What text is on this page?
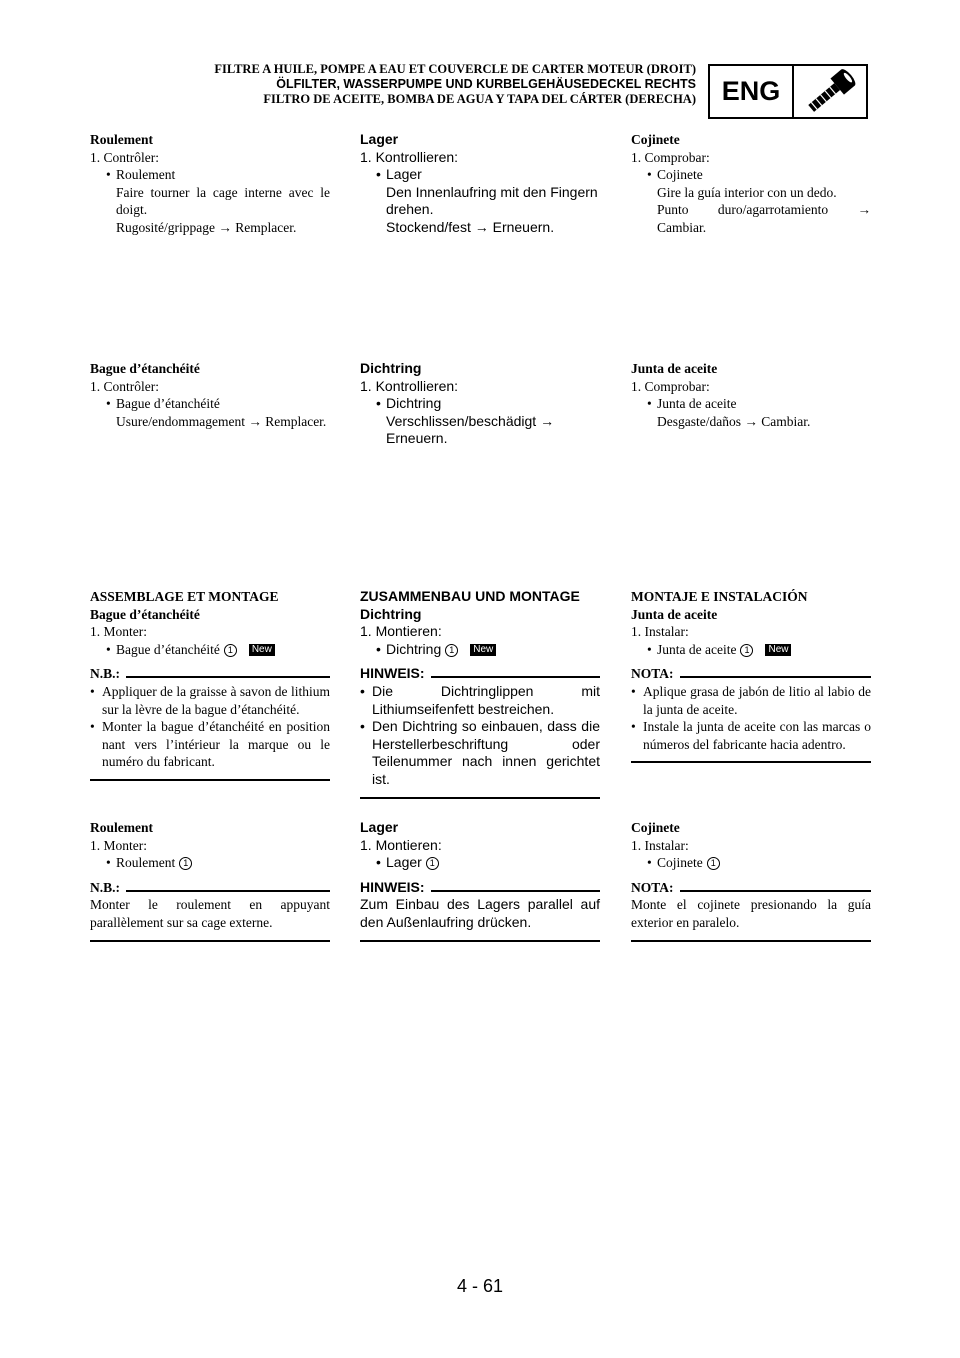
FILTRE A HUILE, POMPE A EAU ET COUVERCLE DE CARTER MOTEUR (DROIT)
ÖLFILTER, WASSERPUMPE UND KURBELGEHÄUSEDECKEL RECHTS
FILTRO DE ACEITE, BOMBA DE AGUA Y TAPA DEL CÁRTER (DERECHA) ENG
Roulement
1. Contrôler:
• Roulement
Faire tourner la cage interne avec le doigt.
Rugosité/grippage → Remplacer.
Bague d’étanchéité
1. Contrôler:
• Bague d’étanchéité
Usure/endommagement → Remplacer.
ASSEMBLAGE ET MONTAGE
Bague d’étanchéité
1. Monter:
• Bague d’étanchéité 1 New
N.B.:
• Appliquer de la graisse à savon de lithium sur la lèvre de la bague d’étanchéité.
• Monter la bague d’étanchéité en position nant vers l’intérieur la marque ou le numéro du fabricant.
Roulement
1. Monter:
• Roulement 1
N.B.:
Monter le roulement en appuyant parallèlement sur sa cage externe.
Lager
1. Kontrollieren:
• Lager
Den Innenlaufring mit den Fingern drehen.
Stockend/fest → Erneuern.
Dichtring
1. Kontrollieren:
• Dichtring
Verschlissen/beschädigt → Erneuern.
ZUSAMMENBAU UND MONTAGE
Dichtring
1. Montieren:
• Dichtring 1 New
HINWEIS:
• Die Dichtringlippen mit Lithiumseifenfett bestreichen.
• Den Dichtring so einbauen, dass die Herstellerbeschriftung oder Teilenummer nach innen gerichtet ist.
Lager
1. Montieren:
• Lager 1
HINWEIS:
Zum Einbau des Lagers parallel auf den Außenlaufring drücken.
Cojinete
1. Comprobar:
• Cojinete
Gire la guía interior con un dedo.
Punto duro/agarrotamiento → Cambiar.
Junta de aceite
1. Comprobar:
• Junta de aceite
Desgaste/daños → Cambiar.
MONTAJE E INSTALACIÓN
Junta de aceite
1. Instalar:
• Junta de aceite 1 New
NOTA:
• Aplique grasa de jabón de litio al labio de la junta de aceite.
• Instale la junta de aceite con las marcas o números del fabricante hacia adentro.
Cojinete
1. Instalar:
• Cojinete 1
NOTA:
Monte el cojinete presionando la guía exterior en paralelo.
4 - 61
